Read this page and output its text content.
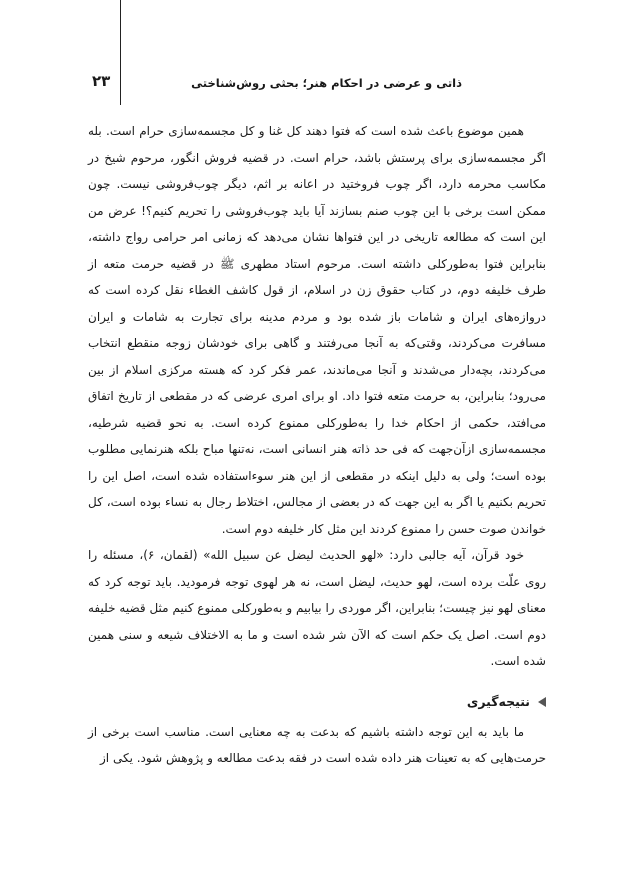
ذاتی و عرضی در احکام هنر؛ بحثی روش‌شناختی
۲۳

همین موضوع باعث شده است که فتوا دهند کل غنا و کل مجسمه‌سازی حرام است. بله اگر مجسمه‌سازی برای پرستش باشد، حرام است. در قضیه فروش انگور، مرحوم شیخ در مکاسب محرمه دارد، اگر چوب فروختید در اعانه بر اثم، دیگر چوب‌فروشی نیست. چون ممکن است برخی با این چوب صنم بسازند آیا باید چوب‌فروشی را تحریم کنیم؟! عرض من این است که مطالعه تاریخی در این فتواها نشان می‌دهد که زمانی امر حرامی رواج داشته، بنابراین فتوا به‌طورکلی داشته است. مرحوم استاد مطهری ﷺ در قضیه حرمت متعه از طرف خلیفه دوم، در کتاب حقوق زن در اسلام، از قول کاشف الغطاء نقل کرده است که دروازه‌های ایران و شامات باز شده بود و مردم مدینه برای تجارت به شامات و ایران مسافرت می‌کردند، وقتی‌که به آنجا می‌رفتند و گاهی برای خودشان زوجه منقطع انتخاب می‌کردند، بچه‌دار می‌شدند و آنجا می‌ماندند، عمر فکر کرد که هسته مرکزی اسلام از بین می‌رود؛ بنابراین، به حرمت متعه فتوا داد. او برای امری عرضی که در مقطعی از تاریخ اتفاق می‌افتد، حکمی از احکام خدا را به‌طورکلی ممنوع کرده است. به نحو قضیه شرطیه، مجسمه‌سازی ازآن‌جهت که فی حد ذاته هنر انسانی است، نه‌تنها مباح بلکه هنرنمایی مطلوب بوده است؛ ولی به دلیل اینکه در مقطعی از این هنر سوءاستفاده شده است، اصل این را تحریم بکنیم یا اگر به این جهت که در بعضی از مجالس، اختلاط رجال به نساء بوده است، کل خواندن صوت حسن را ممنوع کردند این مثل کار خلیفه دوم است.

خود قرآن، آیه جالبی دارد: «لهو الحدیث لیضل عن سبیل الله» (لقمان، ۶)، مسئله را روی علّت برده است، لهو حدیث، لیضل است، نه هر لهوی توجه فرمودید. باید توجه کرد که معنای لهو نیز چیست؛ بنابراین، اگر موردی را بیابیم و به‌طورکلی ممنوع کنیم مثل قضیه خلیفه دوم است. اصل یک حکم است که الآن شر شده است و ما به الاختلاف شیعه و سنی همین شده است.

نتیجه‌گیری

ما باید به این توجه داشته باشیم که بدعت به چه معنایی است. مناسب است برخی از حرمت‌هایی که به تعینات هنر داده شده است در فقه بدعت مطالعه و پژوهش شود. یکی از
